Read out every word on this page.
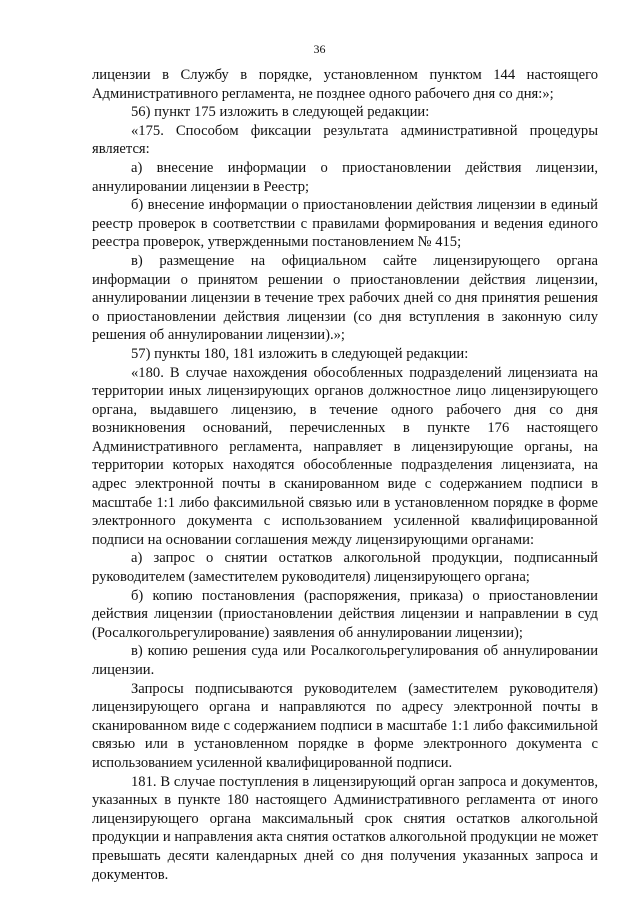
36

лицензии в Службу в порядке, установленном пунктом 144 настоящего Административного регламента, не позднее одного рабочего дня со дня:»;

56) пункт 175 изложить в следующей редакции:

«175. Способом фиксации результата административной процедуры является:

а) внесение информации о приостановлении действия лицензии, аннулировании лицензии в Реестр;

б) внесение информации о приостановлении действия лицензии в единый реестр проверок в соответствии с правилами формирования и ведения единого реестра проверок, утвержденными постановлением № 415;

в) размещение на официальном сайте лицензирующего органа информации о принятом решении о приостановлении действия лицензии, аннулировании лицензии в течение трех рабочих дней со дня принятия решения о приостановлении действия лицензии (со дня вступления в законную силу решения об аннулировании лицензии).»;

57) пункты 180, 181 изложить в следующей редакции:

«180. В случае нахождения обособленных подразделений лицензиата на территории иных лицензирующих органов должностное лицо лицензирующего органа, выдавшего лицензию, в течение одного рабочего дня со дня возникновения оснований, перечисленных в пункте 176 настоящего Административного регламента, направляет в лицензирующие органы, на территории которых находятся обособленные подразделения лицензиата, на адрес электронной почты в сканированном виде с содержанием подписи в масштабе 1:1 либо факсимильной связью или в установленном порядке в форме электронного документа с использованием усиленной квалифицированной подписи на основании соглашения между лицензирующими органами:

а) запрос о снятии остатков алкогольной продукции, подписанный руководителем (заместителем руководителя) лицензирующего органа;

б) копию постановления (распоряжения, приказа) о приостановлении действия лицензии (приостановлении действия лицензии и направлении в суд (Росалкогольрегулирование) заявления об аннулировании лицензии);

в) копию решения суда или Росалкогольрегулирования об аннулировании лицензии.

Запросы подписываются руководителем (заместителем руководителя) лицензирующего органа и направляются по адресу электронной почты в сканированном виде с содержанием подписи в масштабе 1:1 либо факсимильной связью или в установленном порядке в форме электронного документа с использованием усиленной квалифицированной подписи.

181. В случае поступления в лицензирующий орган запроса и документов, указанных в пункте 180 настоящего Административного регламента от иного лицензирующего органа максимальный срок снятия остатков алкогольной продукции и направления акта снятия остатков алкогольной продукции не может превышать десяти календарных дней со дня получения указанных запроса и документов.
